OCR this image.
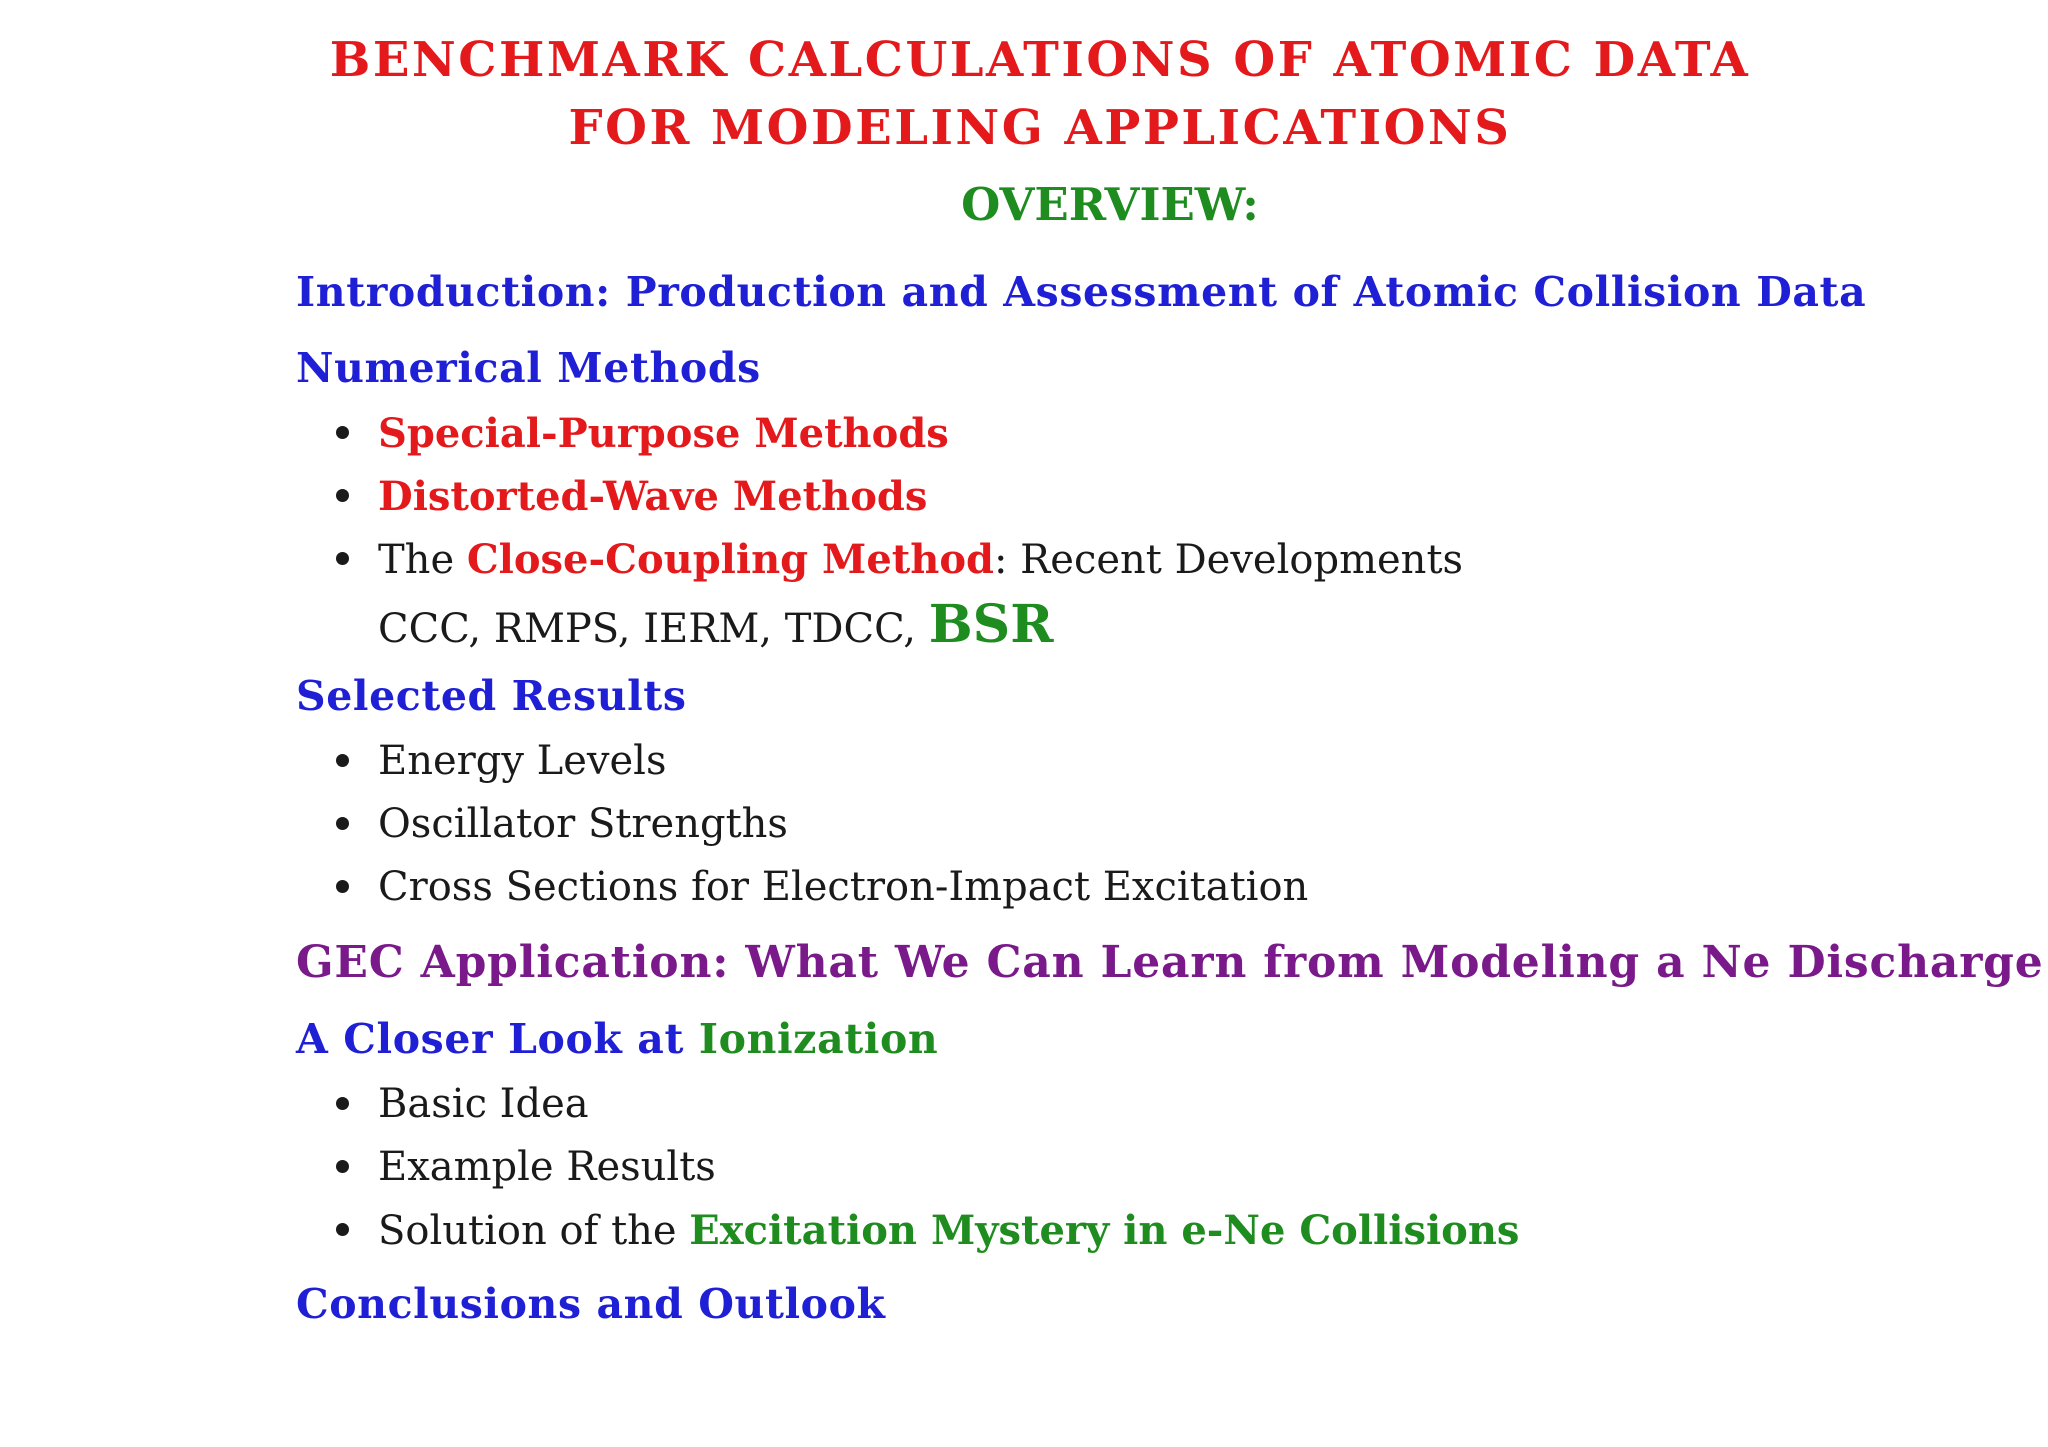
BENCHMARK CALCULATIONS OF ATOMIC DATA
FOR MODELING APPLICATIONS
OVERVIEW:
Introduction: Production and Assessment of Atomic Collision Data
Numerical Methods
Special-Purpose Methods
Distorted-Wave Methods
The Close-Coupling Method: Recent Developments
CCC, RMPS, IERM, TDCC, BSR
Selected Results
Energy Levels
Oscillator Strengths
Cross Sections for Electron-Impact Excitation
GEC Application: What We Can Learn from Modeling a Ne Discharge
A Closer Look at Ionization
Basic Idea
Example Results
Solution of the Excitation Mystery in e-Ne Collisions
Conclusions and Outlook
